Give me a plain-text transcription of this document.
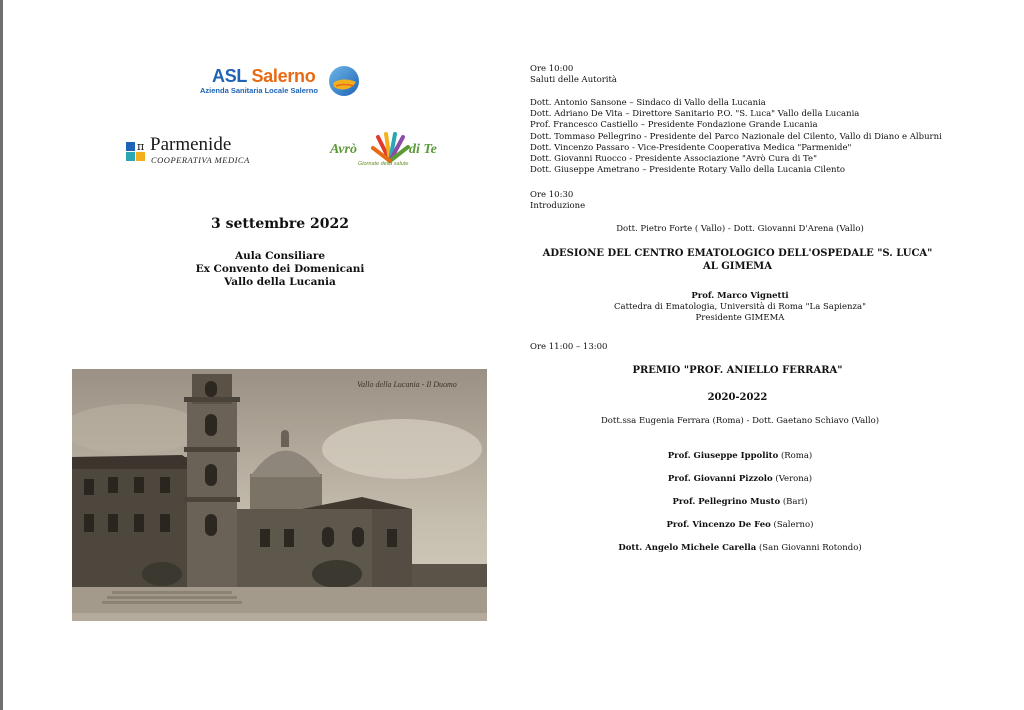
ASL Salerno
Azienda Sanitaria Locale Salerno
π Parmenide
COOPERATIVA MEDICA
Avrò	di Te
Giornate della salute
3 settembre 2022
Aula Consiliare
Ex Convento dei Domenicani
Vallo della Lucania
Vallo della Lucania - Il Duomo
Ore 10:00
Saluti delle Autorità
Dott. Antonio Sansone – Sindaco di Vallo della Lucania
Dott. Adriano De Vita – Direttore Sanitario P.O. "S. Luca" Vallo della Lucania
Prof. Francesco Castiello – Presidente Fondazione Grande Lucania
Dott. Tommaso Pellegrino - Presidente del Parco Nazionale del Cilento, Vallo di Diano e Alburni
Dott. Vincenzo Passaro - Vice-Presidente Cooperativa Medica "Parmenide"
Dott. Giovanni Ruocco - Presidente Associazione "Avrò Cura di Te"
Dott. Giuseppe Ametrano – Presidente Rotary Vallo della Lucania Cilento
Ore 10:30
Introduzione
Dott. Pietro Forte ( Vallo) - Dott. Giovanni D'Arena (Vallo)
ADESIONE DEL CENTRO EMATOLOGICO DELL'OSPEDALE "S. LUCA"
AL GIMEMA
Prof. Marco Vignetti
Cattedra di Ematologia, Università di Roma "La Sapienza"
Presidente GIMEMA
Ore 11:00 – 13:00
PREMIO "PROF. ANIELLO FERRARA"
2020-2022
Dott.ssa Eugenia Ferrara (Roma) - Dott. Gaetano Schiavo (Vallo)
Prof. Giuseppe Ippolito (Roma)
Prof. Giovanni Pizzolo (Verona)
Prof. Pellegrino Musto (Bari)
Prof. Vincenzo De Feo (Salerno)
Dott. Angelo Michele Carella (San Giovanni Rotondo)
